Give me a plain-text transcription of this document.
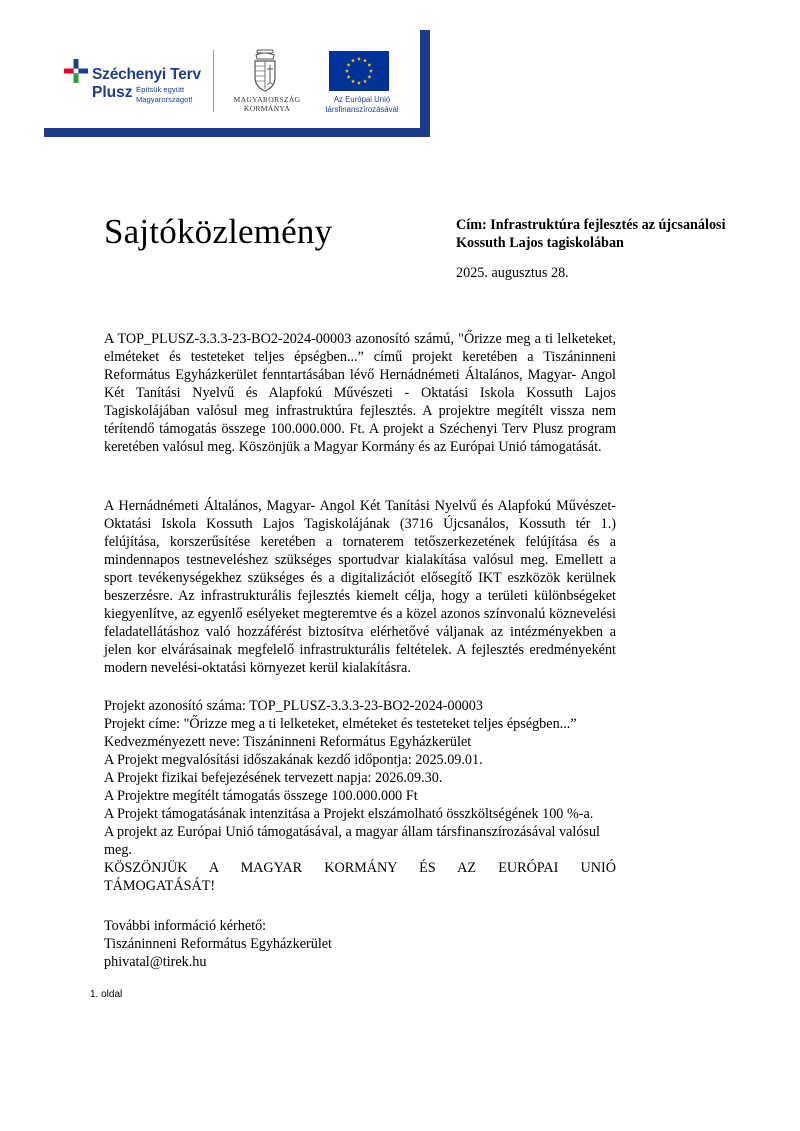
Széchenyi Terv
Plusz Építsük együtt
Magyarországot!	MAGYARORSZÁG
KORMÁNYA
Az Európai Unió
társfinanszírozásával
Sajtóközlemény	Cím: Infrastruktúra fejlesztés az újcsanálosi Kossuth Lajos tagiskolában
2025. augusztus 28.
A TOP_PLUSZ-3.3.3-23-BO2-2024-00003 azonosító számú, "Őrizze meg a ti lelketeket, elméteket és testeteket teljes épségben...” című projekt keretében a Tiszáninneni Református Egyházkerület fenntartásában lévő Hernádnémeti Általános, Magyar- Angol Két Tanítási Nyelvű és Alapfokú Művészeti - Oktatási Iskola Kossuth Lajos Tagiskolájában valósul meg infrastruktúra fejlesztés. A projektre megítélt vissza nem térítendő támogatás összege 100.000.000. Ft. A projekt a Széchenyi Terv Plusz program keretében valósul meg. Köszönjük a Magyar Kormány és az Európai Unió támogatását.
A Hernádnémeti Általános, Magyar- Angol Két Tanítási Nyelvű és Alapfokú Művészet- Oktatási Iskola Kossuth Lajos Tagiskolájának (3716 Újcsanálos, Kossuth tér 1.) felújítása, korszerűsítése keretében a tornaterem tetőszerkezetének felújítása és a mindennapos testneveléshez szükséges sportudvar kialakítása valósul meg. Emellett a sport tevékenységekhez szükséges és a digitalizációt elősegítő IKT eszközök kerülnek beszerzésre. Az infrastrukturális fejlesztés kiemelt célja, hogy a területi különbségeket kiegyenlítve, az egyenlő esélyeket megteremtve és a közel azonos színvonalú köznevelési feladatellátáshoz való hozzáférést biztosítva elérhetővé váljanak az intézményekben a jelen kor elvárásainak megfelelő infrastrukturális feltételek. A fejlesztés eredményeként modern nevelési-oktatási környezet kerül kialakításra.
Projekt azonosító száma: TOP_PLUSZ-3.3.3-23-BO2-2024-00003
Projekt címe: "Őrizze meg a ti lelketeket, elméteket és testeteket teljes épségben...”
Kedvezményezett neve: Tiszáninneni Református Egyházkerület
A Projekt megvalósítási időszakának kezdő időpontja: 2025.09.01.
A Projekt fizikai befejezésének tervezett napja: 2026.09.30.
A Projektre megítélt támogatás összege 100.000.000 Ft
A Projekt támogatásának intenzitása a Projekt elszámolható összköltségének 100 %-a.
A projekt az Európai Unió támogatásával, a magyar állam társfinanszírozásával valósul meg.
KÖSZÖNJÜK A MAGYAR KORMÁNY ÉS AZ EURÓPAI UNIÓ
TÁMOGATÁSÁT!
További információ kérhető:
Tiszáninneni Református Egyházkerület
phivatal@tirek.hu
1. oldal
